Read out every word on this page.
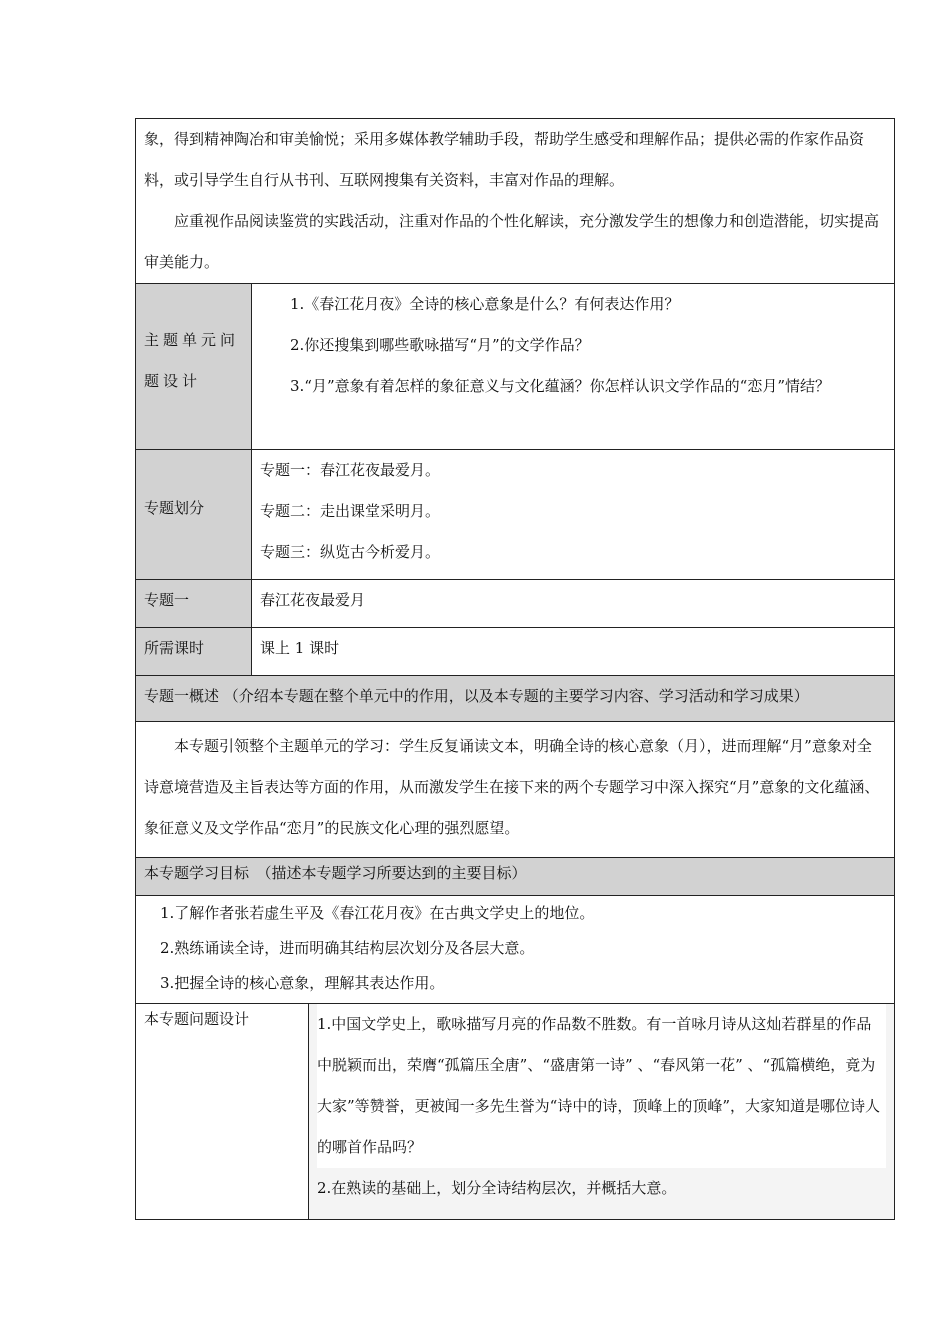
象，得到精神陶冶和审美愉悦；采用多媒体教学辅助手段，帮助学生感受和理解作品；提供必需的作家作品资料，或引导学生自行从书刊、互联网搜集有关资料，丰富对作品的理解。

应重视作品阅读鉴赏的实践活动，注重对作品的个性化解读，充分激发学生的想像力和创造潜能，切实提高审美能力。		

主题单元问题设计	1.《春江花月夜》全诗的核心意象是什么？有何表达作用？

2.你还搜集到哪些歌咏描写“月”的文学作品？

3.“月”意象有着怎样的象征意义与文化蕴涵？你怎样认识文学作品的“恋月”情结？	

专题划分	专题一：春江花夜最爱月。

专题二：走出课堂采明月。

专题三：纵览古今析爱月。	

专题一	春江花夜最爱月	

所需课时	课上 1 课时	

专题一概述 （介绍本专题在整个单元中的作用，以及本专题的主要学习内容、学习活动和学习成果）		

本专题引领整个主题单元的学习：学生反复诵读文本，明确全诗的核心意象（月），进而理解“月”意象对全诗意境营造及主旨表达等方面的作用，从而激发学生在接下来的两个专题学习中深入探究“月”意象的文化蕴涵、象征意义及文学作品“恋月”的民族文化心理的强烈愿望。		

本专题学习目标　（描述本专题学习所要达到的主要目标）		

1.了解作者张若虚生平及《春江花月夜》在古典文学史上的地位。

2.熟练诵读全诗，进而明确其结构层次划分及各层大意。

3.把握全诗的核心意象，理解其表达作用。		

本专题问题设计		1.中国文学史上，歌咏描写月亮的作品数不胜数。有一首咏月诗从这灿若群星的作品中脱颖而出，荣膺“孤篇压全唐”、“盛唐第一诗” 、“春风第一花” 、“孤篇横绝，竟为大家”等赞誉，更被闻一多先生誉为“诗中的诗，顶峰上的顶峰”，大家知道是哪位诗人的哪首作品吗？

2.在熟读的基础上，划分全诗结构层次，并概括大意。
